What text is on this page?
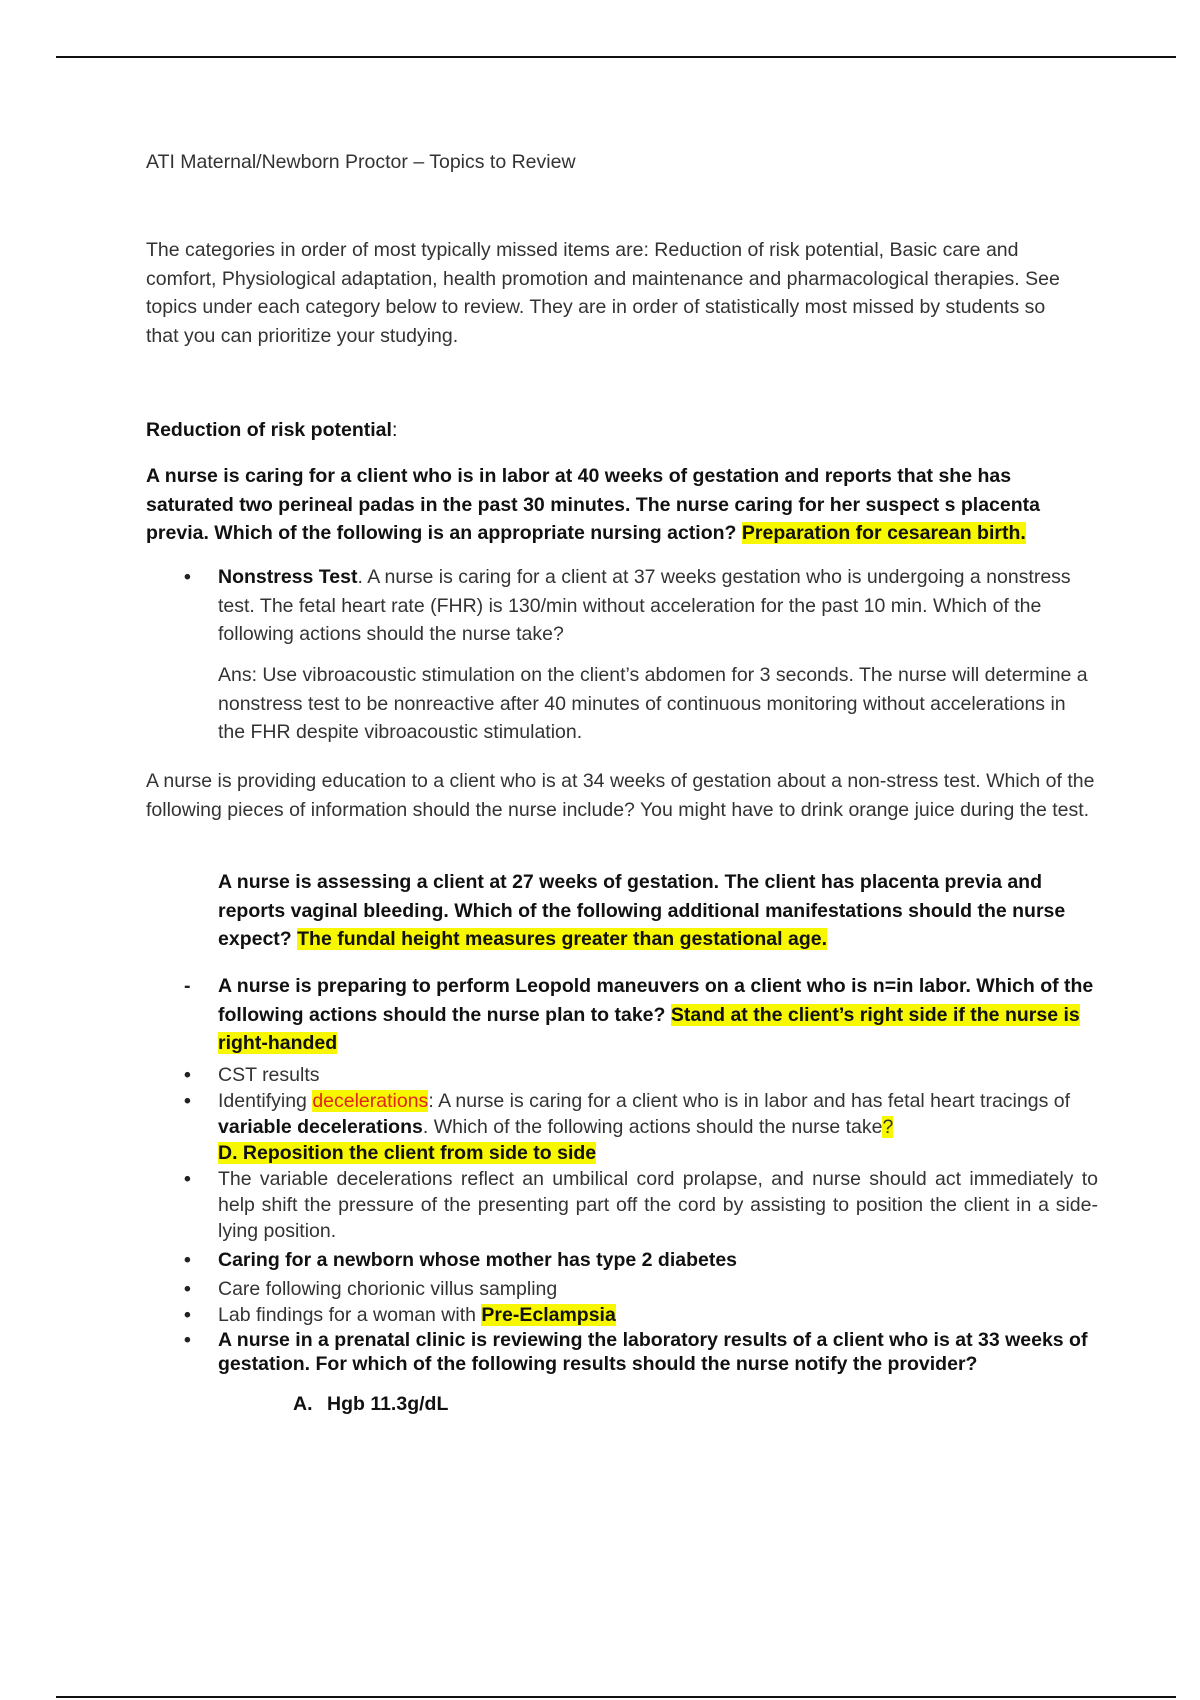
ATI Maternal/Newborn Proctor – Topics to Review
The categories in order of most typically missed items are: Reduction of risk potential, Basic care and comfort, Physiological adaptation, health promotion and maintenance and pharmacological therapies. See topics under each category below to review. They are in order of statistically most missed by students so that you can prioritize your studying.
Reduction of risk potential:
A nurse is caring for a client who is in labor at 40 weeks of gestation and reports that she has saturated two perineal padas in the past 30 minutes. The nurse caring for her suspect s placenta previa. Which of the following is an appropriate nursing action? Preparation for cesarean birth.
•	Nonstress Test. A nurse is caring for a client at 37 weeks gestation who is undergoing a nonstress test. The fetal heart rate (FHR) is 130/min without acceleration for the past 10 min. Which of the following actions should the nurse take?
Ans: Use vibroacoustic stimulation on the client’s abdomen for 3 seconds. The nurse will determine a nonstress test to be nonreactive after 40 minutes of continuous monitoring without accelerations in the FHR despite vibroacoustic stimulation.
A nurse is providing education to a client who is at 34 weeks of gestation about a non-stress test. Which of the following pieces of information should the nurse include? You might have to drink orange juice during the test.
A nurse is assessing a client at 27 weeks of gestation. The client has placenta previa and reports vaginal bleeding. Which of the following additional manifestations should the nurse expect? The fundal height measures greater than gestational age.
-	A nurse is preparing to perform Leopold maneuvers on a client who is n=in labor. Which of the following actions should the nurse plan to take? Stand at the client’s right side if the nurse is right-handed
•	CST results
•	Identifying decelerations: A nurse is caring for a client who is in labor and has fetal heart tracings of variable decelerations. Which of the following actions should the nurse take?
D. Reposition the client from side to side
•	The variable decelerations reflect an umbilical cord prolapse, and nurse should act immediately to help shift the pressure of the presenting part off the cord by assisting to position the client in a side-lying position.
•	Caring for a newborn whose mother has type 2 diabetes
•	Care following chorionic villus sampling
•	Lab findings for a woman with Pre-Eclampsia
•	A nurse in a prenatal clinic is reviewing the laboratory results of a client who is at 33 weeks of gestation. For which of the following results should the nurse notify the provider?
A. Hgb 11.3g/dL
